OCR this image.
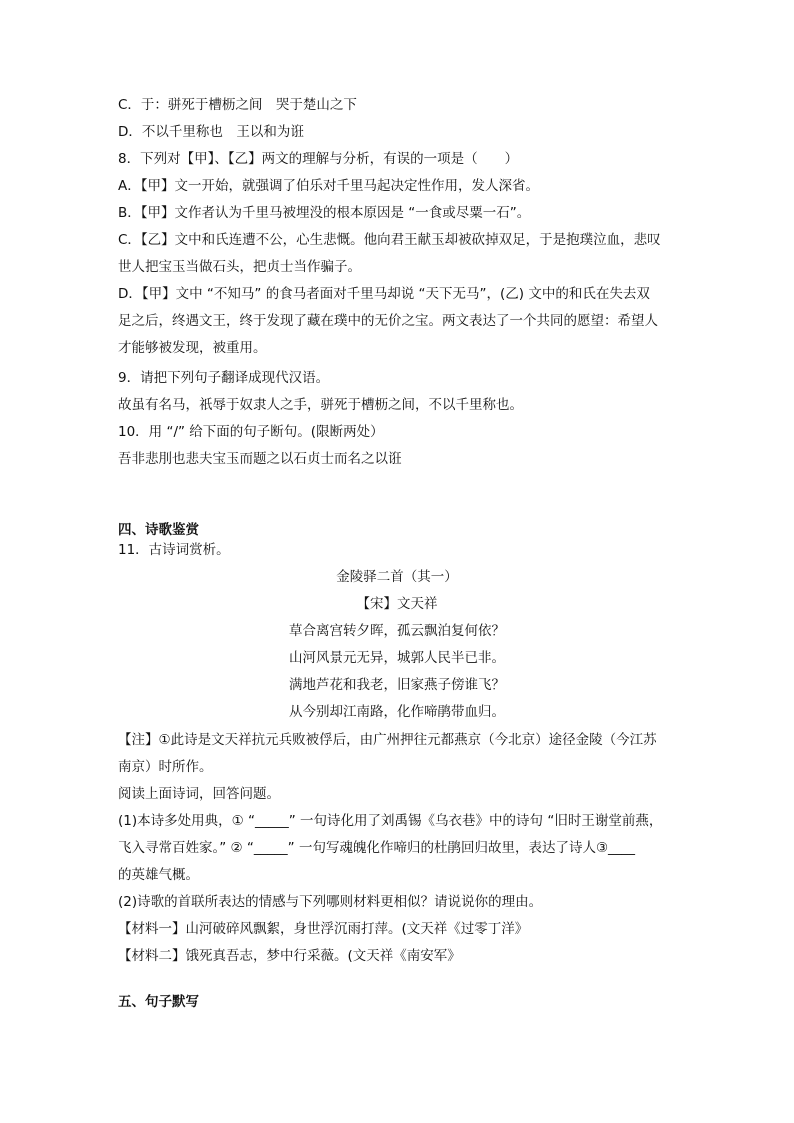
C．于：骈死于槽枥之间　哭于楚山之下
D．不以千里称也　王以和为诳
8．下列对【甲】、【乙】两文的理解与分析，有误的一项是（　　）
A．【甲】文一开始，就强调了伯乐对千里马起决定性作用，发人深省。
B．【甲】文作者认为千里马被埋没的根本原因是 “一食或尽粟一石”。
C．【乙】文中和氏连遭不公，心生悲慨。他向君王献玉却被砍掉双足，于是抱璞泣血，悲叹
世人把宝玉当做石头，把贞士当作骗子。
D．【甲】文中 “不知马” 的食马者面对千里马却说 “天下无马”，(乙) 文中的和氏在失去双
足之后，终遇文王，终于发现了藏在璞中的无价之宝。两文表达了一个共同的愿望：希望人
才能够被发现，被重用。
9．请把下列句子翻译成现代汉语。
故虽有名马，祇辱于奴隶人之手，骈死于槽枥之间，不以千里称也。
10．用 “/” 给下面的句子断句。(限断两处）
吾非悲刖也悲夫宝玉而题之以石贞士而名之以诳
四、诗歌鉴赏
11．古诗词赏析。
金陵驿二首（其一）
【宋】文天祥
草合离宫转夕晖，孤云飘泊复何依？
山河风景元无异，城郭人民半已非。
满地芦花和我老，旧家燕子傍谁飞？
从今别却江南路，化作啼鹃带血归。
【注】①此诗是文天祥抗元兵败被俘后，由广州押往元都燕京（今北京）途径金陵（今江苏
南京）时所作。
阅读上面诗词，回答问题。
(1)本诗多处用典，① “_____” 一句诗化用了刘禹锡《乌衣巷》中的诗句 “旧时王谢堂前燕，
飞入寻常百姓家。” ② “_____” 一句写魂魄化作啼归的杜鹃回归故里，表达了诗人③____
的英雄气概。
(2)诗歌的首联所表达的情感与下列哪则材料更相似？请说说你的理由。
【材料一】山河破碎风飘絮，身世浮沉雨打萍。(文天祥《过零丁洋》
【材料二】饿死真吾志，梦中行采薇。(文天祥《南安军》
五、句子默写
